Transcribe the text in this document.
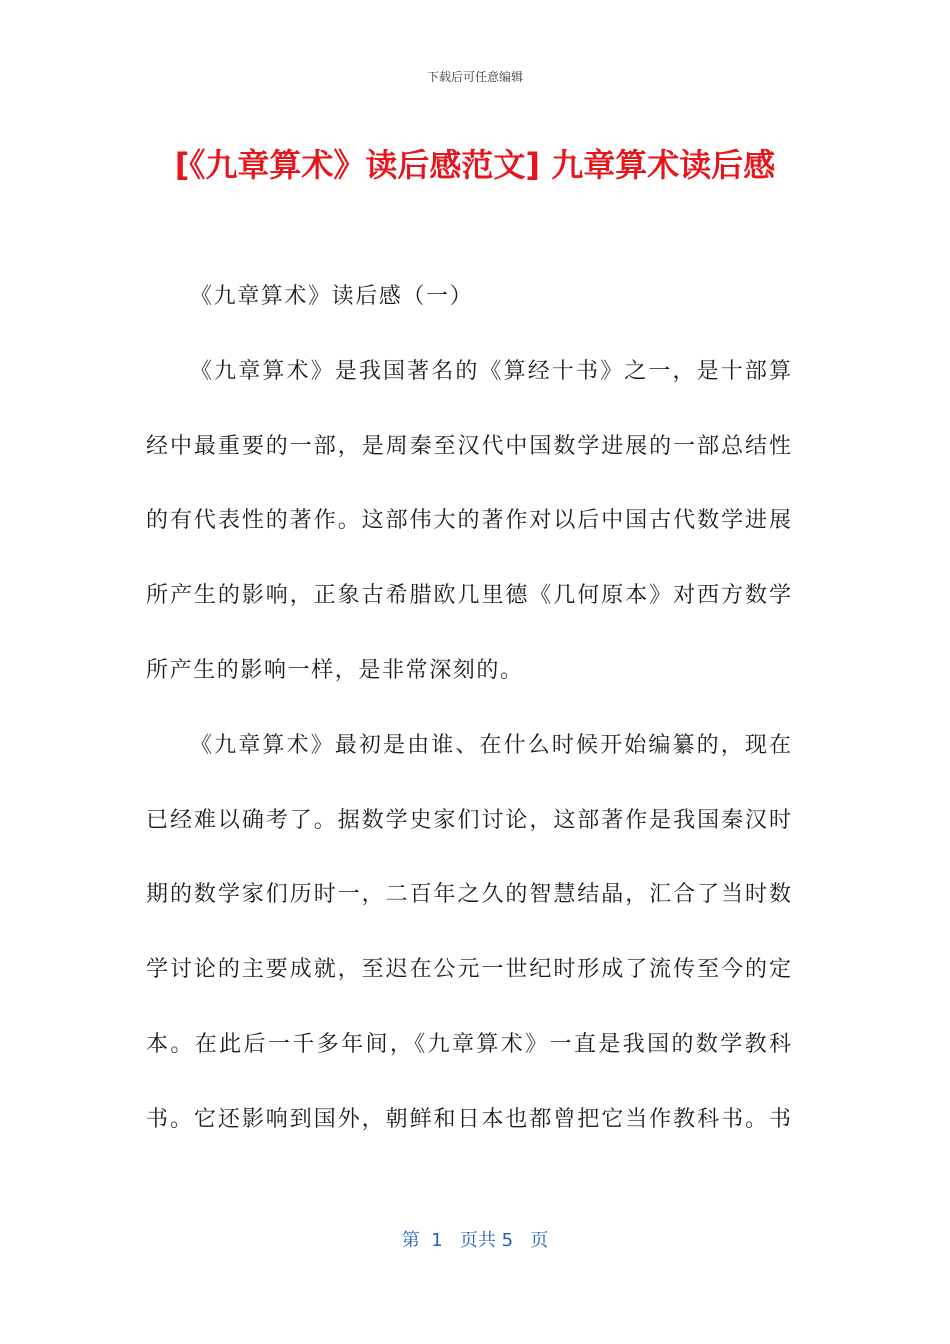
下载后可任意编辑
[《九章算术》读后感范文] 九章算术读后感
《九章算术》读后感（一）
《九章算术》是我国著名的《算经十书》之一，是十部算
经中最重要的一部，是周秦至汉代中国数学进展的一部总结性
的有代表性的著作。这部伟大的著作对以后中国古代数学进展
所产生的影响，正象古希腊欧几里德《几何原本》对西方数学
所产生的影响一样，是非常深刻的。
《九章算术》最初是由谁、在什么时候开始编纂的，现在
已经难以确考了。据数学史家们讨论，这部著作是我国秦汉时
期的数学家们历时一，二百年之久的智慧结晶，汇合了当时数
学讨论的主要成就，至迟在公元一世纪时形成了流传至今的定
本。在此后一千多年间，《九章算术》一直是我国的数学教科
书。它还影响到国外，朝鲜和日本也都曾把它当作教科书。书
第  1   页共 5   页
